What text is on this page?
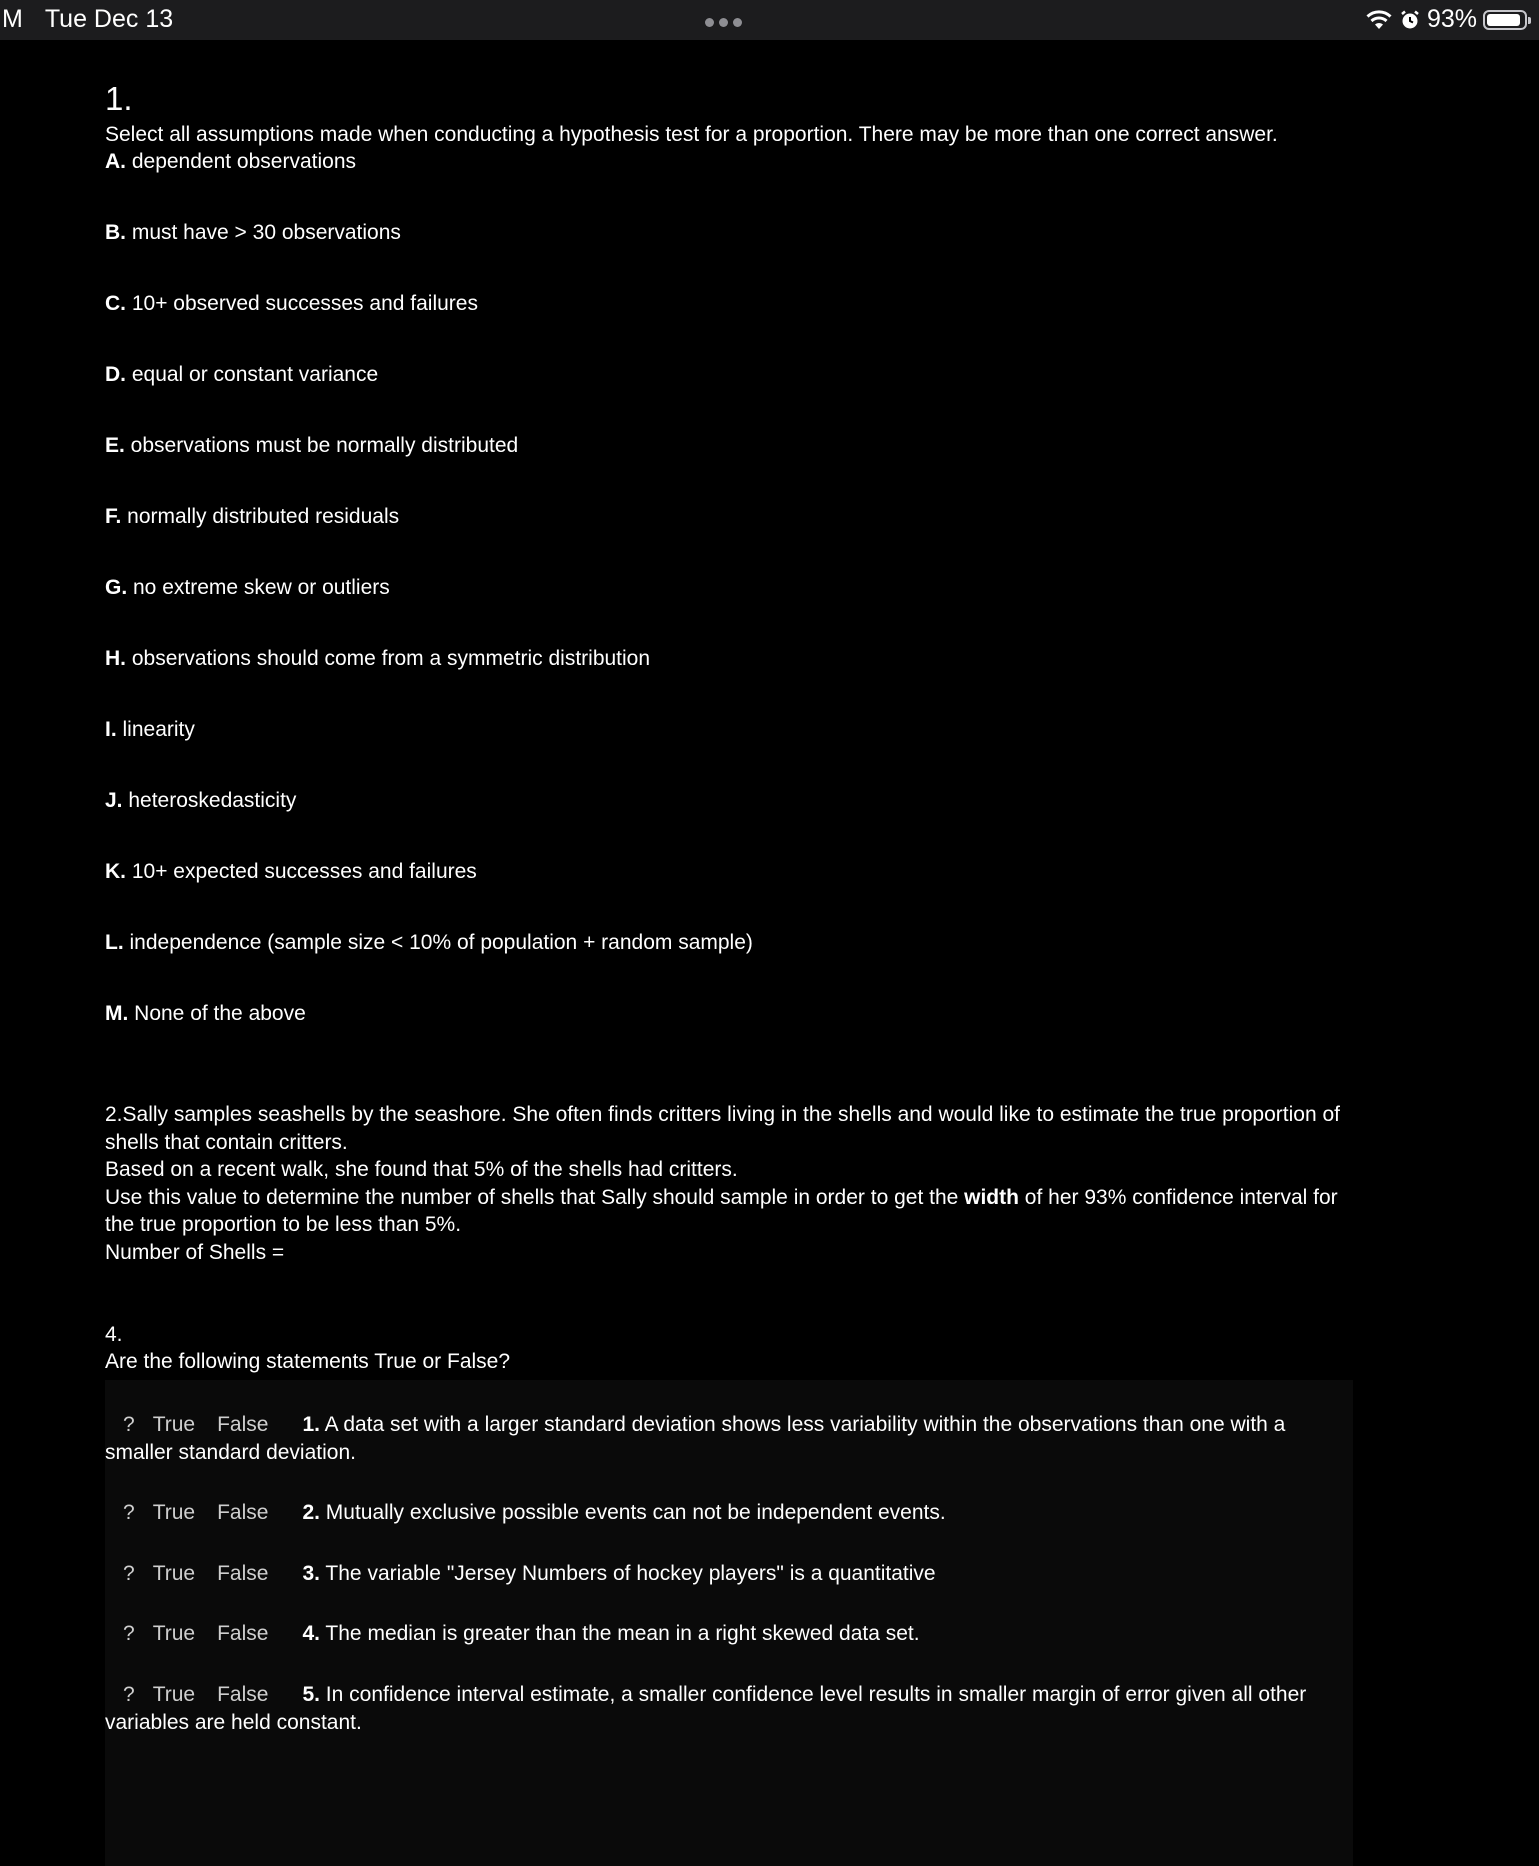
M Tue Dec 13	93%
1.
Select all assumptions made when conducting a hypothesis test for a proportion. There may be more than one correct answer.
A. dependent observations
B. must have > 30 observations
C. 10+ observed successes and failures
D. equal or constant variance
E. observations must be normally distributed
F. normally distributed residuals
G. no extreme skew or outliers
H. observations should come from a symmetric distribution
I. linearity
J. heteroskedasticity
K. 10+ expected successes and failures
L. independence (sample size < 10% of population + random sample)
M. None of the above

2.Sally samples seashells by the seashore. She often finds critters living in the shells and would like to estimate the true proportion of shells that contain critters.

Based on a recent walk, she found that 5% of the shells had critters.

Use this value to determine the number of shells that Sally should sample in order to get the width of her 93% confidence interval for the true proportion to be less than 5%.

Number of Shells =

4.
Are the following statements True or False?
? True False 1. A data set with a larger standard deviation shows less variability within the observations than one with a smaller standard deviation.
? True False 2. Mutually exclusive possible events can not be independent events.
? True False 3. The variable "Jersey Numbers of hockey players" is a quantitative
? True False 4. The median is greater than the mean in a right skewed data set.
? True False 5. In confidence interval estimate, a smaller confidence level results in smaller margin of error given all other variables are held constant.
